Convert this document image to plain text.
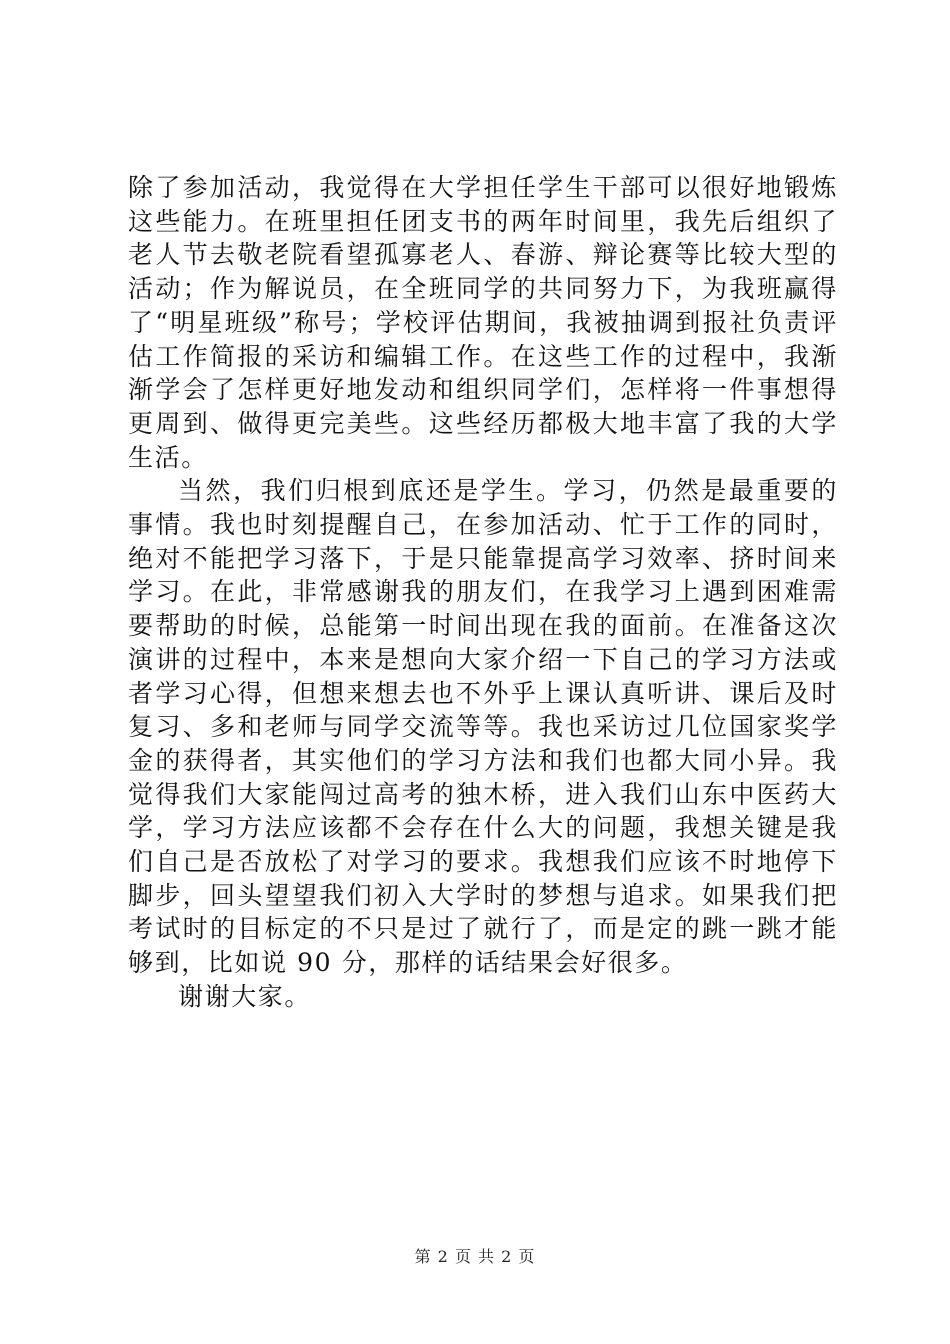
除了参加活动，我觉得在大学担任学生干部可以很好地锻炼这些能力。在班里担任团支书的两年时间里，我先后组织了老人节去敬老院看望孤寡老人、春游、辩论赛等比较大型的活动；作为解说员，在全班同学的共同努力下，为我班赢得了“明星班级”称号；学校评估期间，我被抽调到报社负责评估工作简报的采访和编辑工作。在这些工作的过程中，我渐渐学会了怎样更好地发动和组织同学们，怎样将一件事想得更周到、做得更完美些。这些经历都极大地丰富了我的大学生活。

当然，我们归根到底还是学生。学习，仍然是最重要的事情。我也时刻提醒自己，在参加活动、忙于工作的同时，绝对不能把学习落下，于是只能靠提高学习效率、挤时间来学习。在此，非常感谢我的朋友们，在我学习上遇到困难需要帮助的时候，总能第一时间出现在我的面前。在准备这次演讲的过程中，本来是想向大家介绍一下自己的学习方法或者学习心得，但想来想去也不外乎上课认真听讲、课后及时复习、多和老师与同学交流等等。我也采访过几位国家奖学金的获得者，其实他们的学习方法和我们也都大同小异。我觉得我们大家能闯过高考的独木桥，进入我们山东中医药大学，学习方法应该都不会存在什么大的问题，我想关键是我们自己是否放松了对学习的要求。我想我们应该不时地停下脚步，回头望望我们初入大学时的梦想与追求。如果我们把考试时的目标定的不只是过了就行了，而是定的跳一跳才能够到，比如说 90 分，那样的话结果会好很多。

谢谢大家。

第 2 页 共 2 页
